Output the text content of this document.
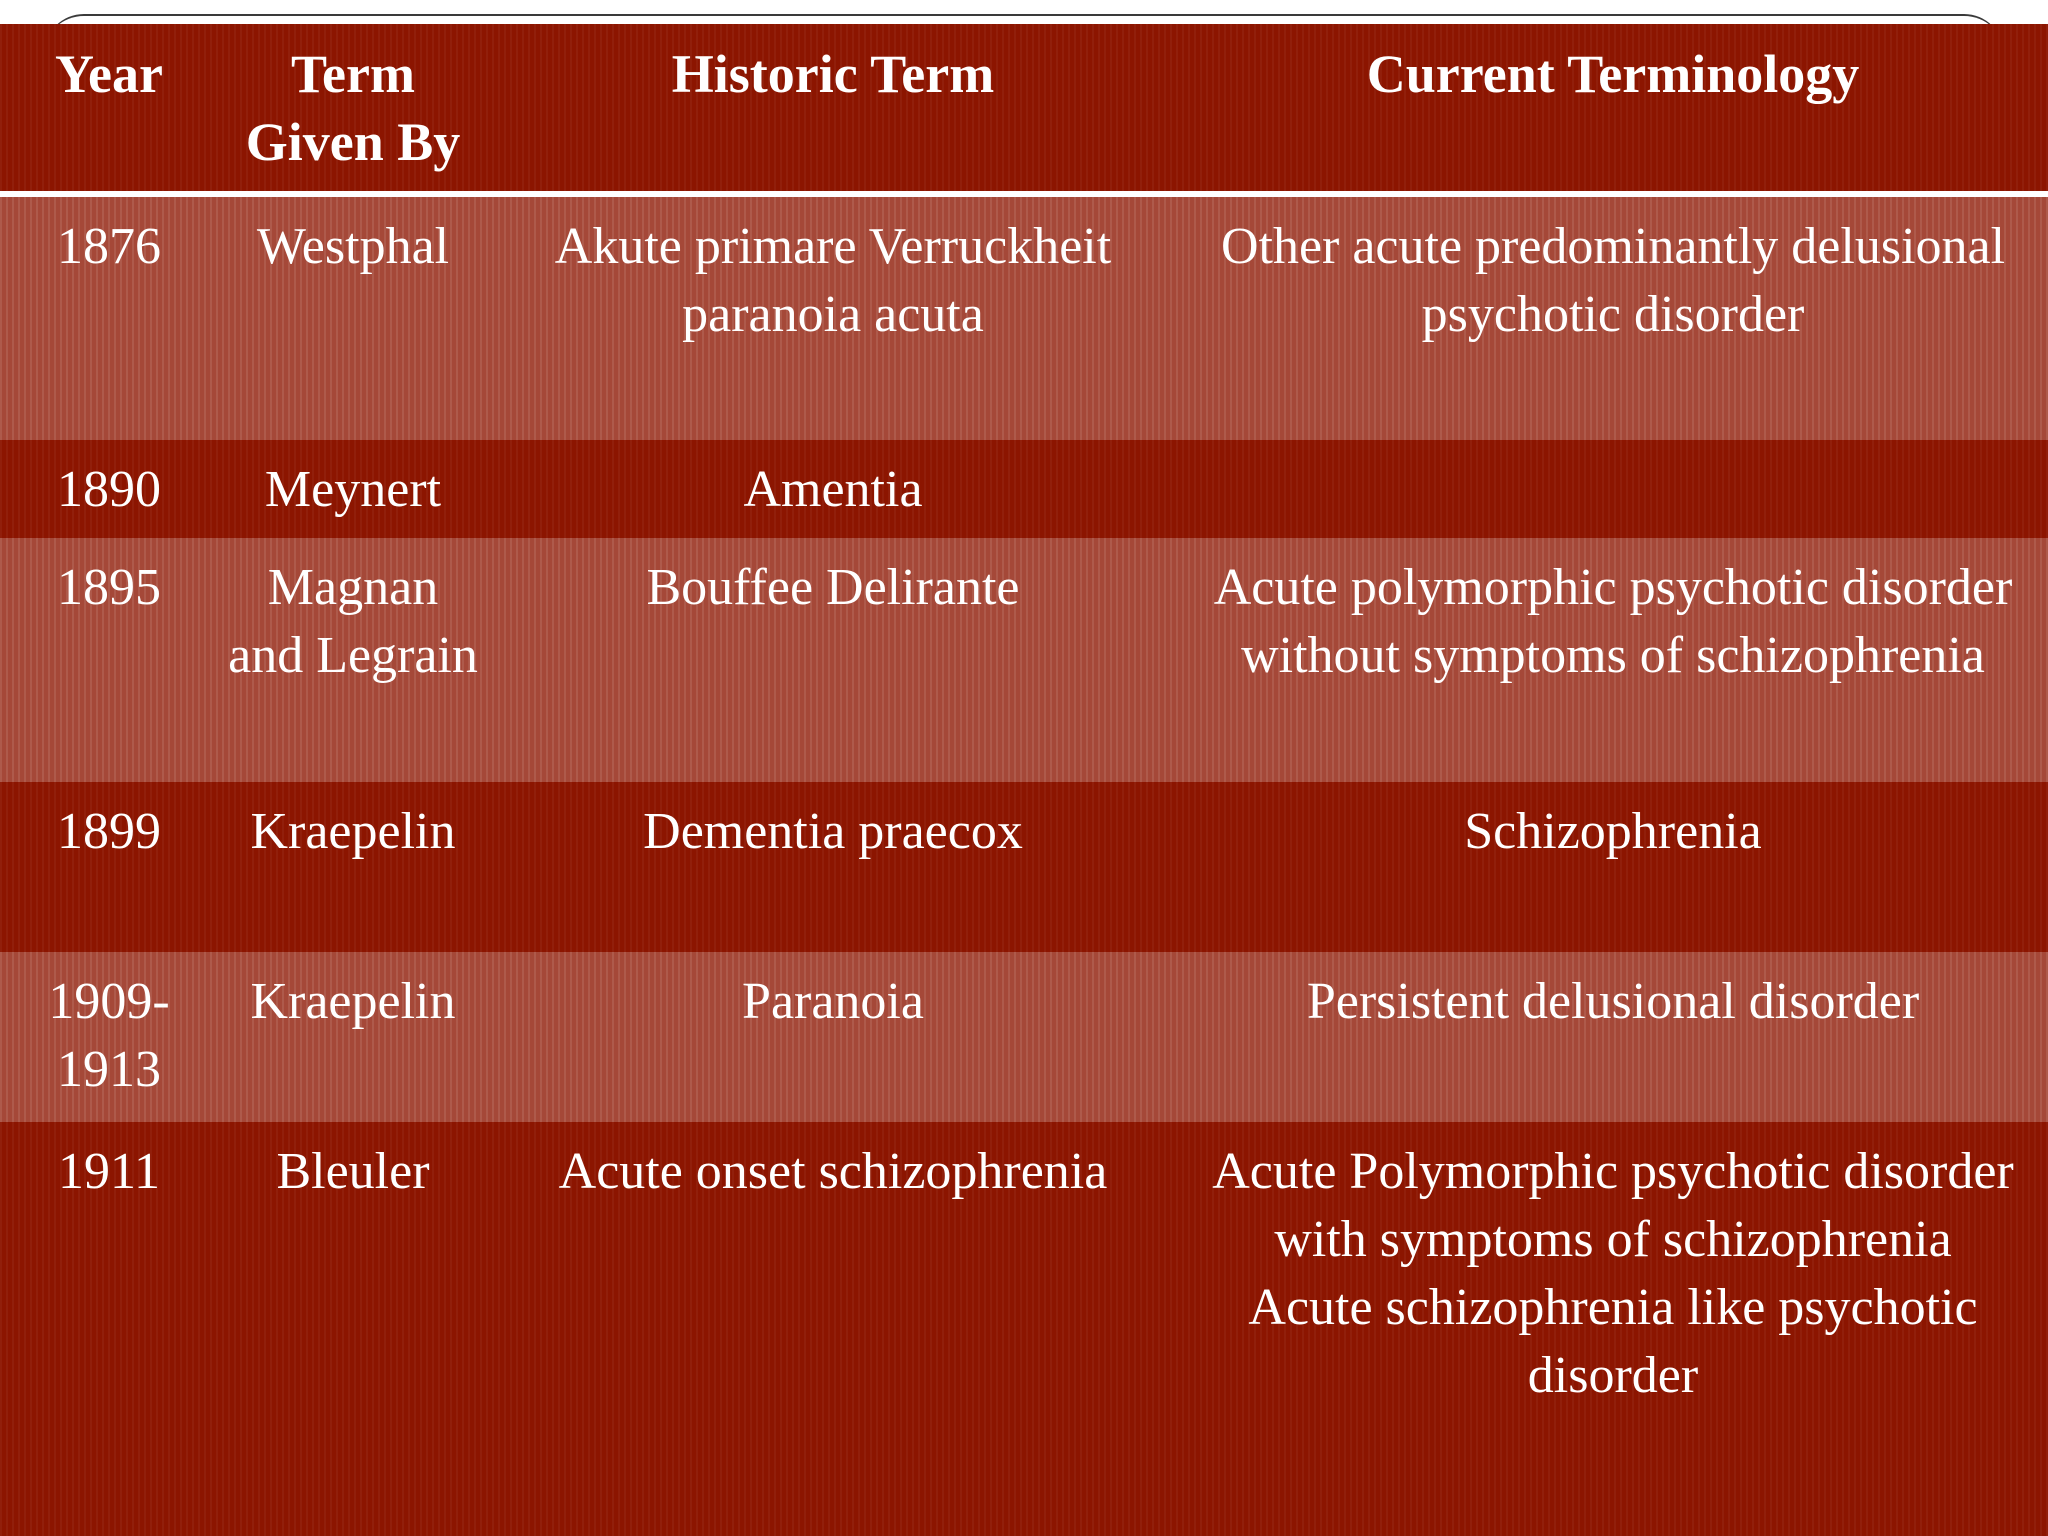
Year	Term Given By	Historic Term	Current Terminology
1876	Westphal	Akute primare Verruckheit paranoia acuta	Other acute predominantly delusional psychotic disorder
1890	Meynert	Amentia	
1895	Magnan and Legrain	Bouffee Delirante	Acute polymorphic psychotic disorder without symptoms of schizophrenia
1899	Kraepelin	Dementia praecox	Schizophrenia
1909-1913	Kraepelin	Paranoia	Persistent delusional disorder
1911	Bleuler	Acute onset schizophrenia	Acute Polymorphic psychotic disorder with symptoms of schizophrenia
Acute schizophrenia like psychotic disorder
